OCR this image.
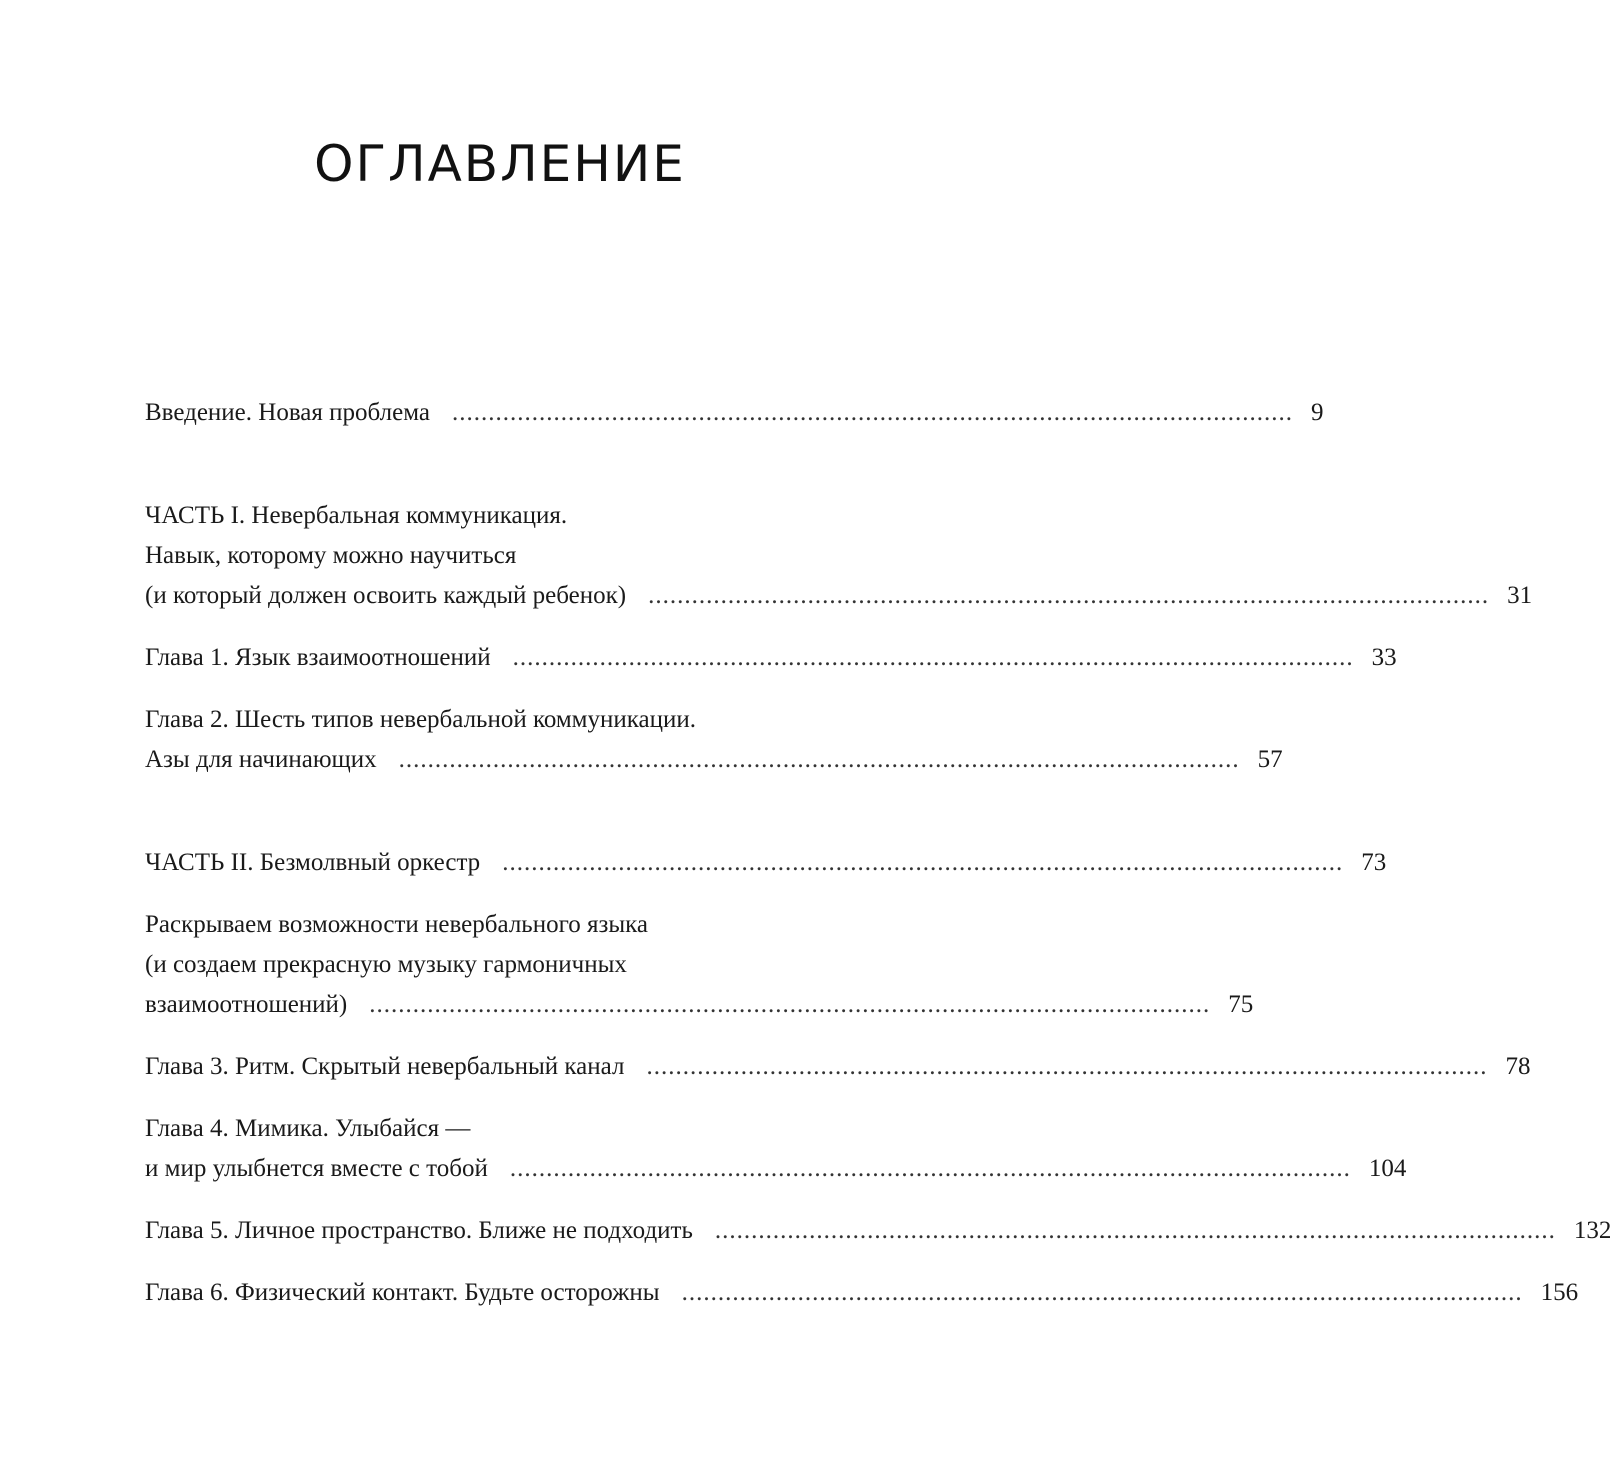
ОГЛАВЛЕНИЕ
Введение. Новая проблема .................................................................................................................... 9
ЧАСТЬ I. Невербальная коммуникация.
Навык, которому можно научиться
(и который должен освоить каждый ребенок) .................................................................................................................... 31
Глава 1. Язык взаимоотношений .................................................................................................................... 33
Глава 2. Шесть типов невербальной коммуникации.
Азы для начинающих .................................................................................................................... 57
ЧАСТЬ II. Безмолвный оркестр .................................................................................................................... 73
Раскрываем возможности невербального языка
(и создаем прекрасную музыку гармоничных
взаимоотношений) .................................................................................................................... 75
Глава 3. Ритм. Скрытый невербальный канал .................................................................................................................... 78
Глава 4. Мимика. Улыбайся —
и мир улыбнется вместе с тобой .................................................................................................................... 104
Глава 5. Личное пространство. Ближе не подходить .................................................................................................................... 132
Глава 6. Физический контакт. Будьте осторожны .................................................................................................................... 156
